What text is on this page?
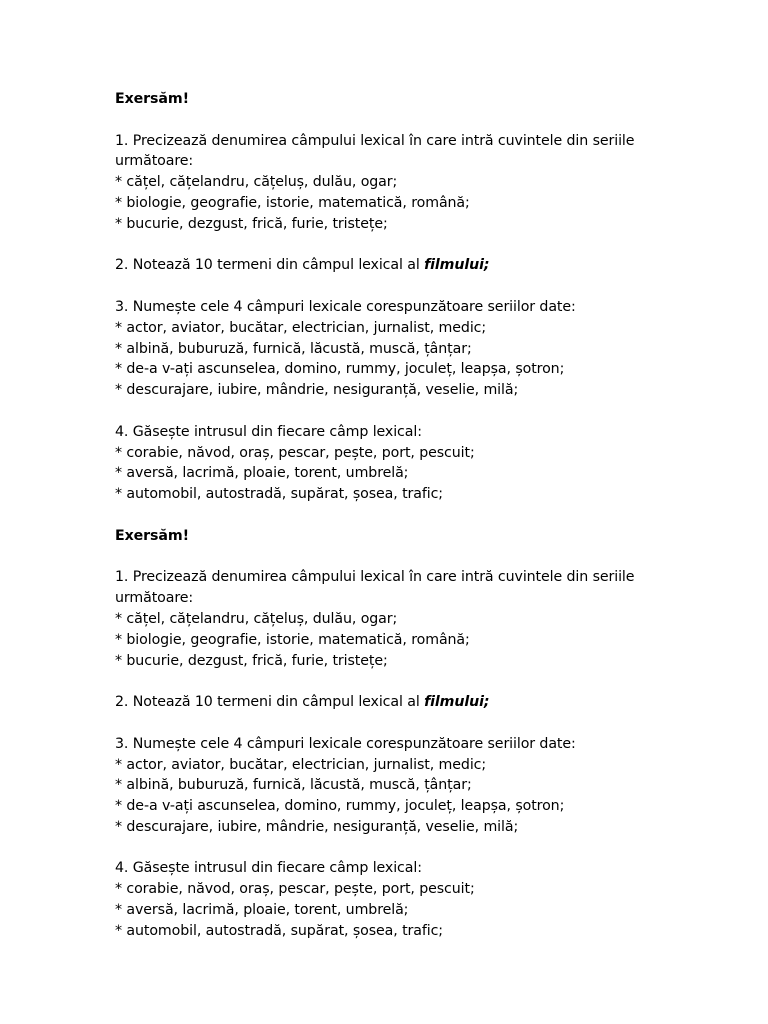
Exersăm!
1. Precizează denumirea câmpului lexical în care intră cuvintele din seriile
următoare:
* cățel, cățelandru, cățeluș, dulău, ogar;
* biologie, geografie, istorie, matematică, română;
* bucurie, dezgust, frică, furie, tristețe;
2. Notează 10 termeni din câmpul lexical al filmului;
3. Numește cele 4 câmpuri lexicale corespunzătoare seriilor date:
* actor, aviator, bucătar, electrician, jurnalist, medic;
* albină, buburuză, furnică, lăcustă, muscă, țânțar;
* de-a v-ați ascunselea, domino, rummy, joculeț, leapșa, șotron;
* descurajare, iubire, mândrie, nesiguranță, veselie, milă;
4. Găsește intrusul din fiecare câmp lexical:
* corabie, năvod, oraș, pescar, pește, port, pescuit;
* aversă, lacrimă, ploaie, torent, umbrelă;
* automobil, autostradă, supărat, șosea, trafic;
Exersăm!
1. Precizează denumirea câmpului lexical în care intră cuvintele din seriile
următoare:
* cățel, cățelandru, cățeluș, dulău, ogar;
* biologie, geografie, istorie, matematică, română;
* bucurie, dezgust, frică, furie, tristețe;
2. Notează 10 termeni din câmpul lexical al filmului;
3. Numește cele 4 câmpuri lexicale corespunzătoare seriilor date:
* actor, aviator, bucătar, electrician, jurnalist, medic;
* albină, buburuză, furnică, lăcustă, muscă, țânțar;
* de-a v-ați ascunselea, domino, rummy, joculeț, leapșa, șotron;
* descurajare, iubire, mândrie, nesiguranță, veselie, milă;
4. Găsește intrusul din fiecare câmp lexical:
* corabie, năvod, oraș, pescar, pește, port, pescuit;
* aversă, lacrimă, ploaie, torent, umbrelă;
* automobil, autostradă, supărat, șosea, trafic;
